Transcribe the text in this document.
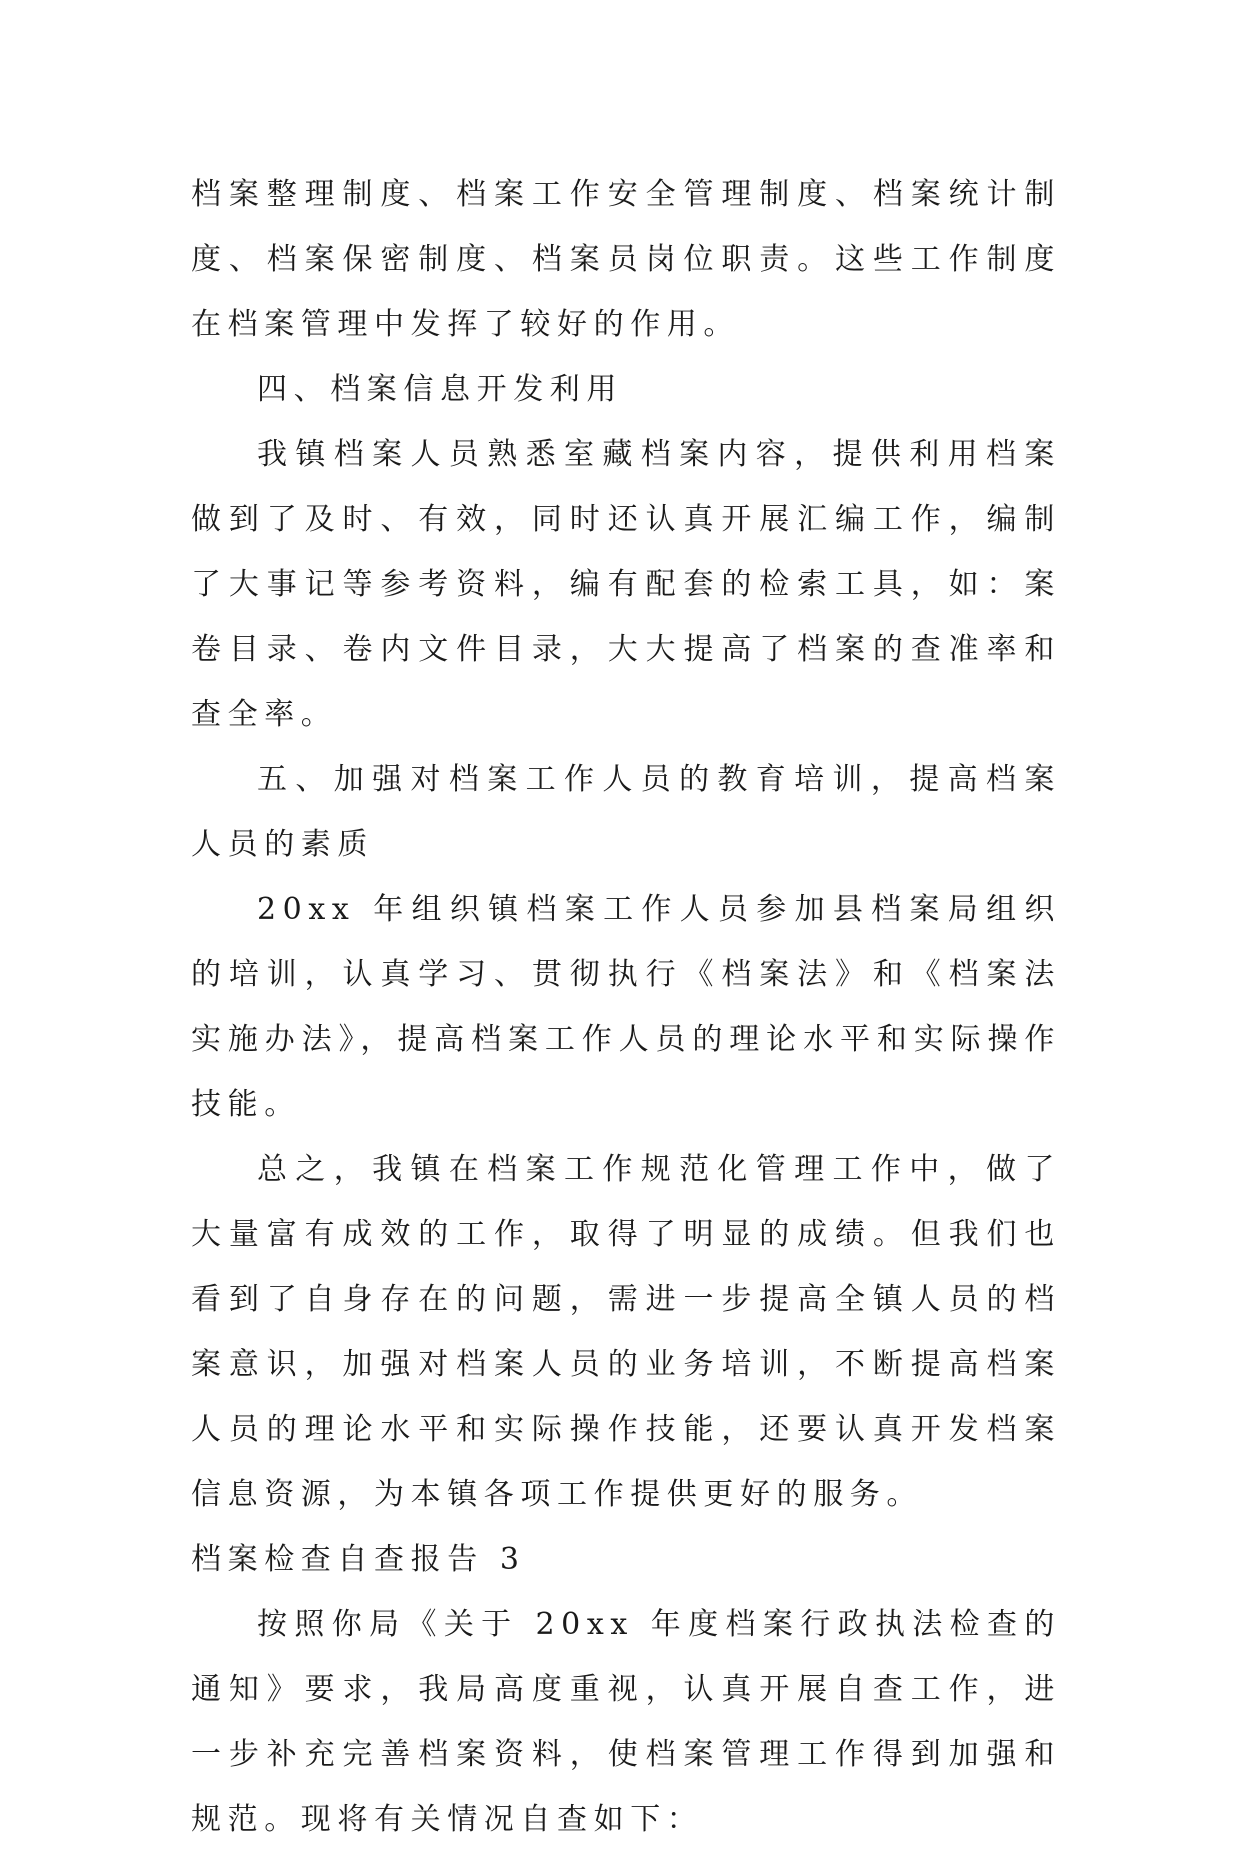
档案整理制度、档案工作安全管理制度、档案统计制度、档案保密制度、档案员岗位职责。这些工作制度在档案管理中发挥了较好的作用。

四、档案信息开发利用

我镇档案人员熟悉室藏档案内容，提供利用档案做到了及时、有效，同时还认真开展汇编工作，编制了大事记等参考资料，编有配套的检索工具，如：案卷目录、卷内文件目录，大大提高了档案的查准率和查全率。

五、加强对档案工作人员的教育培训，提高档案人员的素质

20xx 年组织镇档案工作人员参加县档案局组织的培训，认真学习、贯彻执行《档案法》和《档案法实施办法》，提高档案工作人员的理论水平和实际操作技能。

总之，我镇在档案工作规范化管理工作中，做了大量富有成效的工作，取得了明显的成绩。但我们也看到了自身存在的问题，需进一步提高全镇人员的档案意识，加强对档案人员的业务培训，不断提高档案人员的理论水平和实际操作技能，还要认真开发档案信息资源，为本镇各项工作提供更好的服务。

档案检查自查报告 3

按照你局《关于 20xx 年度档案行政执法检查的通知》要求，我局高度重视，认真开展自查工作，进一步补充完善档案资料，使档案管理工作得到加强和规范。现将有关情况自查如下：
